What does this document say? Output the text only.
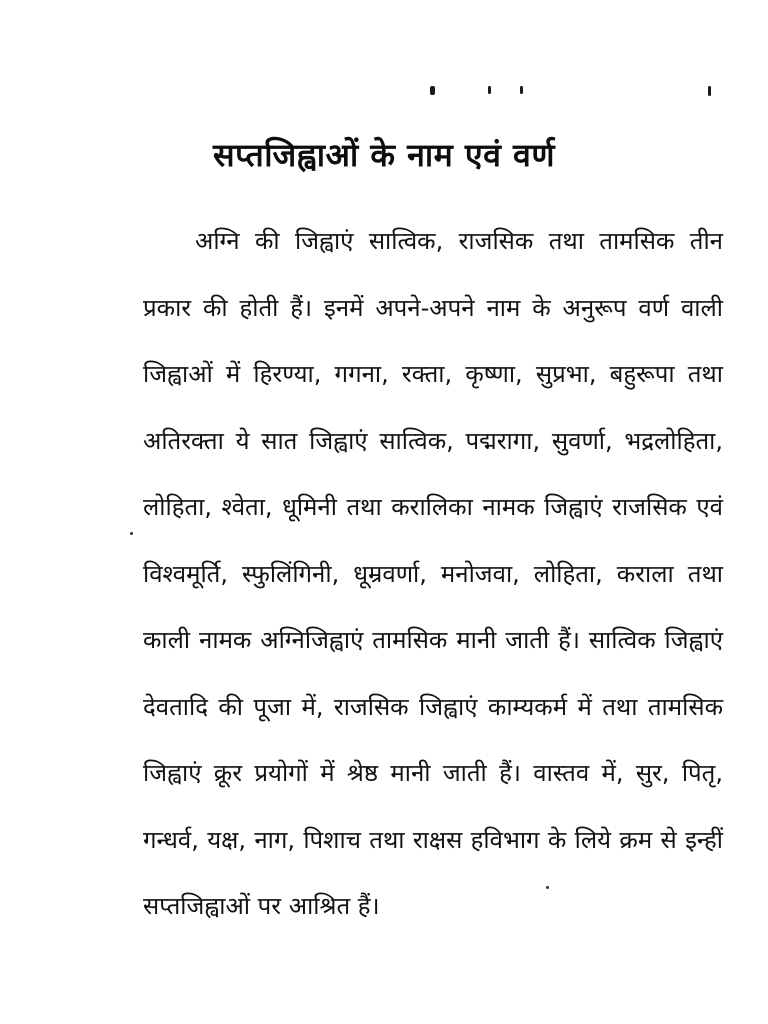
सप्तजिह्वाओं के नाम एवं वर्ण

अग्नि की जिह्वाएं सात्विक, राजसिक तथा तामसिक तीन प्रकार की होती हैं। इनमें अपने-अपने नाम के अनुरूप वर्ण वाली जिह्वाओं में हिरण्या, गगना, रक्ता, कृष्णा, सुप्रभा, बहुरूपा तथा अतिरक्ता ये सात जिह्वाएं सात्विक, पद्मरागा, सुवर्णा, भद्रलोहिता, लोहिता, श्वेता, धूमिनी तथा करालिका नामक जिह्वाएं राजसिक एवं विश्वमूर्ति, स्फुलिंगिनी, धूम्रवर्णा, मनोजवा, लोहिता, कराला तथा काली नामक अग्निजिह्वाएं तामसिक मानी जाती हैं। सात्विक जिह्वाएं देवतादि की पूजा में, राजसिक जिह्वाएं काम्यकर्म में तथा तामसिक जिह्वाएं क्रूर प्रयोगों में श्रेष्ठ मानी जाती हैं। वास्तव में, सुर, पितृ, गन्धर्व, यक्ष, नाग, पिशाच तथा राक्षस हविभाग के लिये क्रम से इन्हीं सप्तजिह्वाओं पर आश्रित हैं।
